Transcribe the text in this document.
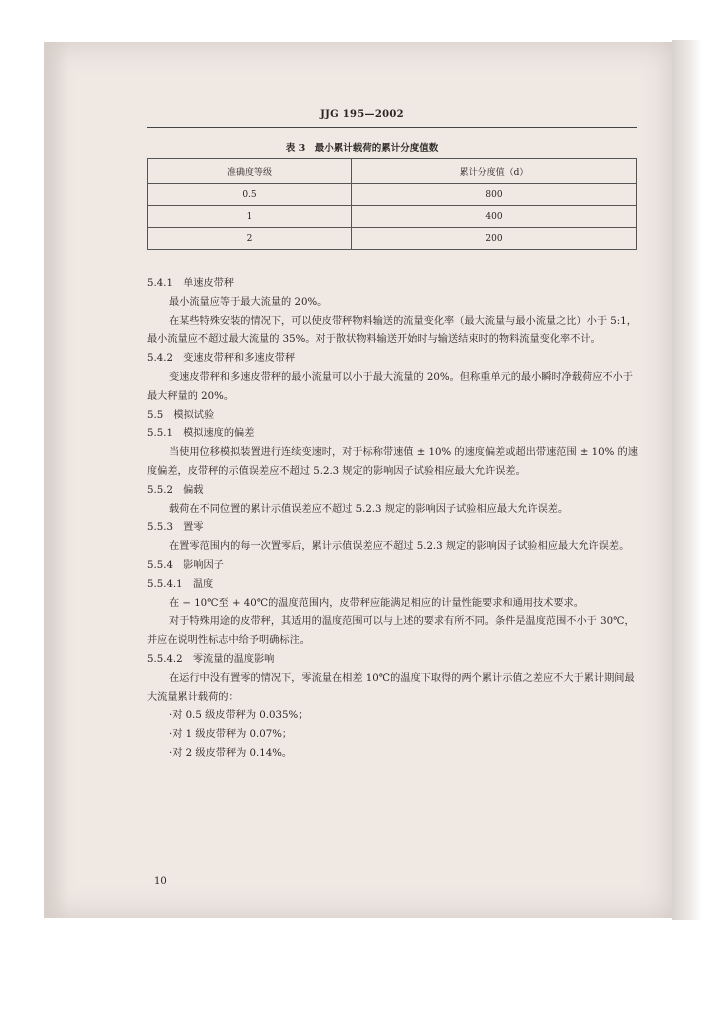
JJG 195—2002
表 3　最小累计载荷的累计分度值数
准确度等级	累计分度值（d）
0.5	800
1	400
2	200

5.4.1　单速皮带秤

最小流量应等于最大流量的 20%。

在某些特殊安装的情况下，可以使皮带秤物料输送的流量变化率（最大流量与最小流量之比）小于 5:1，最小流量应不超过最大流量的 35%。对于散状物料输送开始时与输送结束时的物料流量变化率不计。

5.4.2　变速皮带秤和多速皮带秤

变速皮带秤和多速皮带秤的最小流量可以小于最大流量的 20%。但称重单元的最小瞬时净载荷应不小于最大秤量的 20%。

5.5　模拟试验

5.5.1　模拟速度的偏差

当使用位移模拟装置进行连续变速时，对于标称带速值 ± 10% 的速度偏差或超出带速范围 ± 10% 的速度偏差，皮带秤的示值误差应不超过 5.2.3 规定的影响因子试验相应最大允许误差。

5.5.2　偏载

载荷在不同位置的累计示值误差应不超过 5.2.3 规定的影响因子试验相应最大允许误差。

5.5.3　置零

在置零范围内的每一次置零后，累计示值误差应不超过 5.2.3 规定的影响因子试验相应最大允许误差。

5.5.4　影响因子

5.5.4.1　温度

在 − 10℃至 + 40℃的温度范围内，皮带秤应能满足相应的计量性能要求和通用技术要求。

对于特殊用途的皮带秤，其适用的温度范围可以与上述的要求有所不同。条件是温度范围不小于 30℃，并应在说明性标志中给予明确标注。

5.5.4.2　零流量的温度影响

在运行中没有置零的情况下，零流量在相差 10℃的温度下取得的两个累计示值之差应不大于累计期间最大流量累计载荷的：

·对 0.5 级皮带秤为 0.035%；

·对 1 级皮带秤为 0.07%；

·对 2 级皮带秤为 0.14%。

10
